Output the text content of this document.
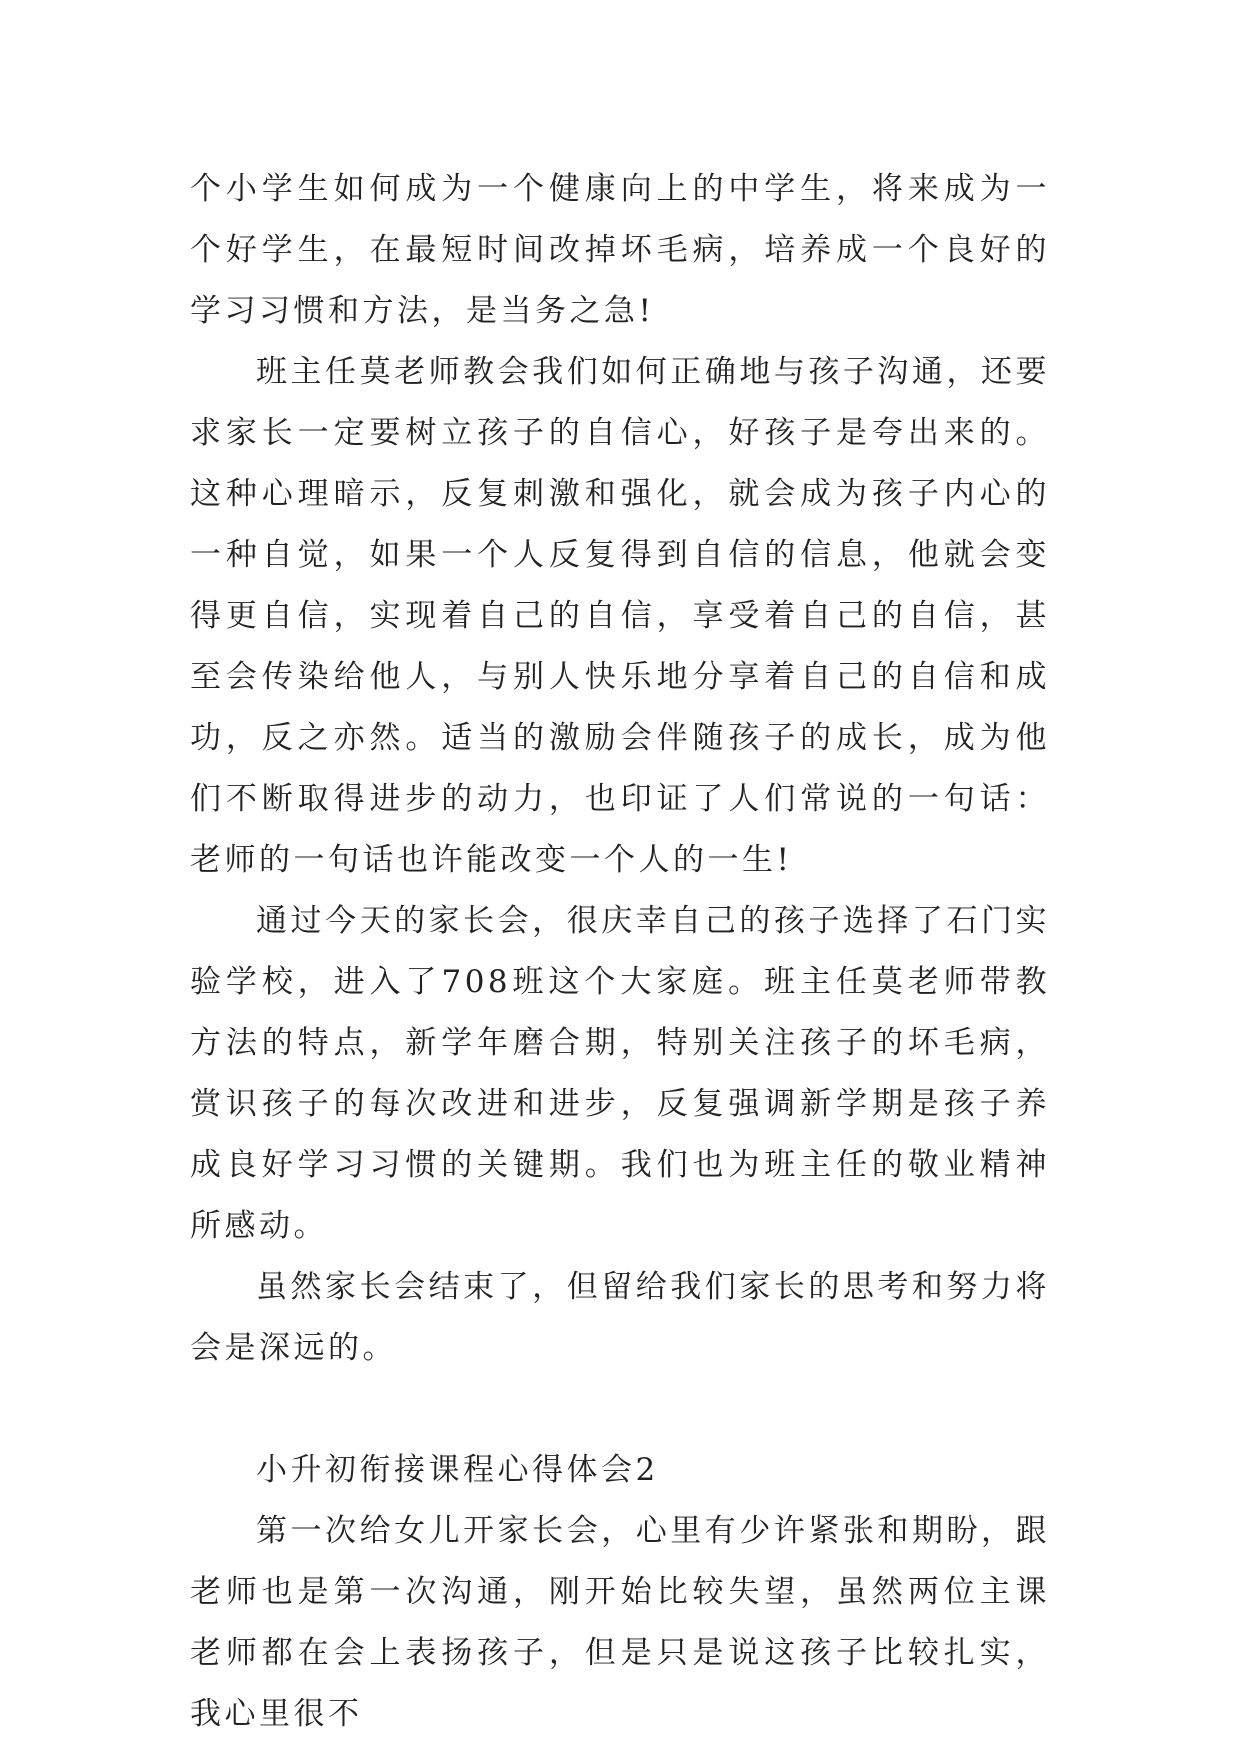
个小学生如何成为一个健康向上的中学生，将来成为一个好学生，在最短时间改掉坏毛病，培养成一个良好的学习习惯和方法，是当务之急!

班主任莫老师教会我们如何正确地与孩子沟通，还要求家长一定要树立孩子的自信心，好孩子是夸出来的。这种心理暗示，反复刺激和强化，就会成为孩子内心的一种自觉，如果一个人反复得到自信的信息，他就会变得更自信，实现着自己的自信，享受着自己的自信，甚至会传染给他人，与别人快乐地分享着自己的自信和成功，反之亦然。适当的激励会伴随孩子的成长，成为他们不断取得进步的动力，也印证了人们常说的一句话：老师的一句话也许能改变一个人的一生!

通过今天的家长会，很庆幸自己的孩子选择了石门实验学校，进入了708班这个大家庭。班主任莫老师带教方法的特点，新学年磨合期，特别关注孩子的坏毛病，赏识孩子的每次改进和进步，反复强调新学期是孩子养成良好学习习惯的关键期。我们也为班主任的敬业精神所感动。

虽然家长会结束了，但留给我们家长的思考和努力将会是深远的。

小升初衔接课程心得体会2

第一次给女儿开家长会，心里有少许紧张和期盼，跟老师也是第一次沟通，刚开始比较失望，虽然两位主课老师都在会上表扬孩子，但是只是说这孩子比较扎实，我心里很不
